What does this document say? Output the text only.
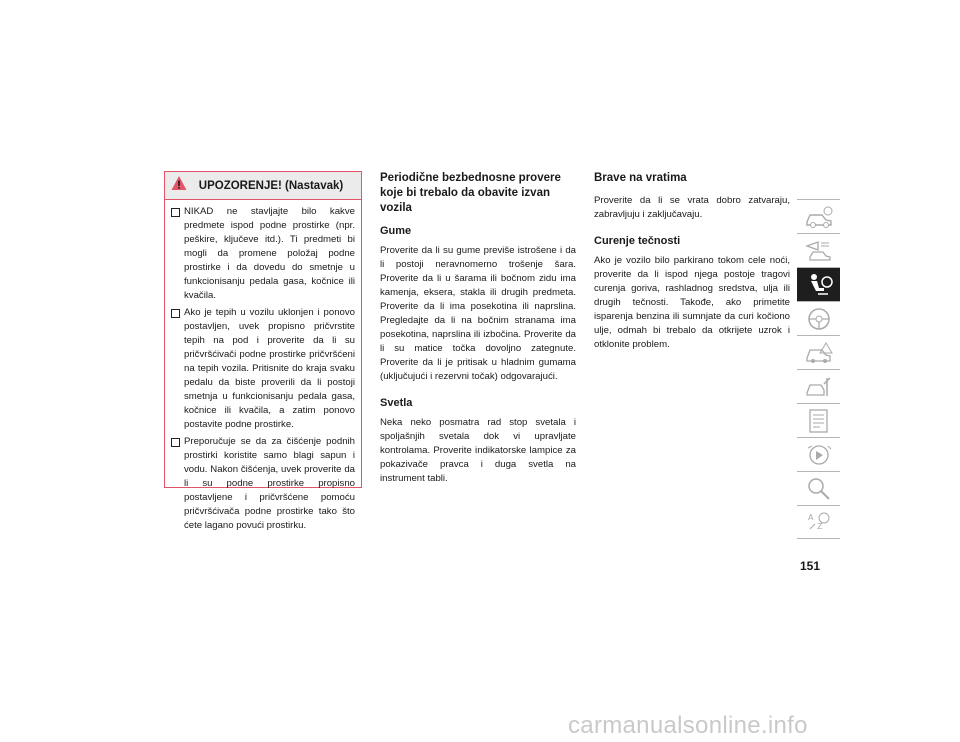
UPOZORENJE! (Nastavak)
NIKAD ne stavljajte bilo kakve predmete ispod podne prostirke (npr. peškire, ključeve itd.). Ti predmeti bi mogli da promene položaj podne prostirke i da dovedu do smetnje u funkcionisanju pedala gasa, kočnice ili kvačila.
Ako je tepih u vozilu uklonjen i ponovo postavljen, uvek propisno pričvrstite tepih na pod i proverite da li su pričvršćivači podne prostirke pričvršćeni na tepih vozila. Pritisnite do kraja svaku pedalu da biste proverili da li postoji smetnja u funkcionisanju pedala gasa, kočnice ili kvačila, a zatim ponovo postavite podne prostirke.
Preporučuje se da za čišćenje podnih prostirki koristite samo blagi sapun i vodu. Nakon čišćenja, uvek proverite da li su podne prostirke propisno postavljene i pričvršćene pomoću pričvršćivača podne prostirke tako što ćete lagano povući prostirku.
Periodične bezbednosne provere koje bi trebalo da obavite izvan vozila
Gume
Proverite da li su gume previše istrošene i da li postoji neravnomerno trošenje šara. Proverite da li u šarama ili bočnom zidu ima kamenja, eksera, stakla ili drugih predmeta. Proverite da li ima posekotina ili naprslina. Pregledajte da li na bočnim stranama ima posekotina, naprslina ili izbočina. Proverite da li su matice točka dovoljno zategnute. Proverite da li je pritisak u hladnim gumama (uključujući i rezervni točak) odgovarajući.
Svetla
Neka neko posmatra rad stop svetala i spoljašnjih svetala dok vi upravljate kontrolama. Proverite indikatorske lampice za pokazivače pravca i duga svetla na instrument tabli.
Brave na vratima
Proverite da li se vrata dobro zatvaraju, zabravljuju i zaključavaju.
Curenje tečnosti
Ako je vozilo bilo parkirano tokom cele noći, proverite da li ispod njega postoje tragovi curenja goriva, rashladnog sredstva, ulja ili drugih tečnosti. Takođe, ako primetite isparenja benzina ili sumnjate da curi kočiono ulje, odmah bi trebalo da otkrijete uzrok i otklonite problem.
A
Z
151
carmanualsonline.info
